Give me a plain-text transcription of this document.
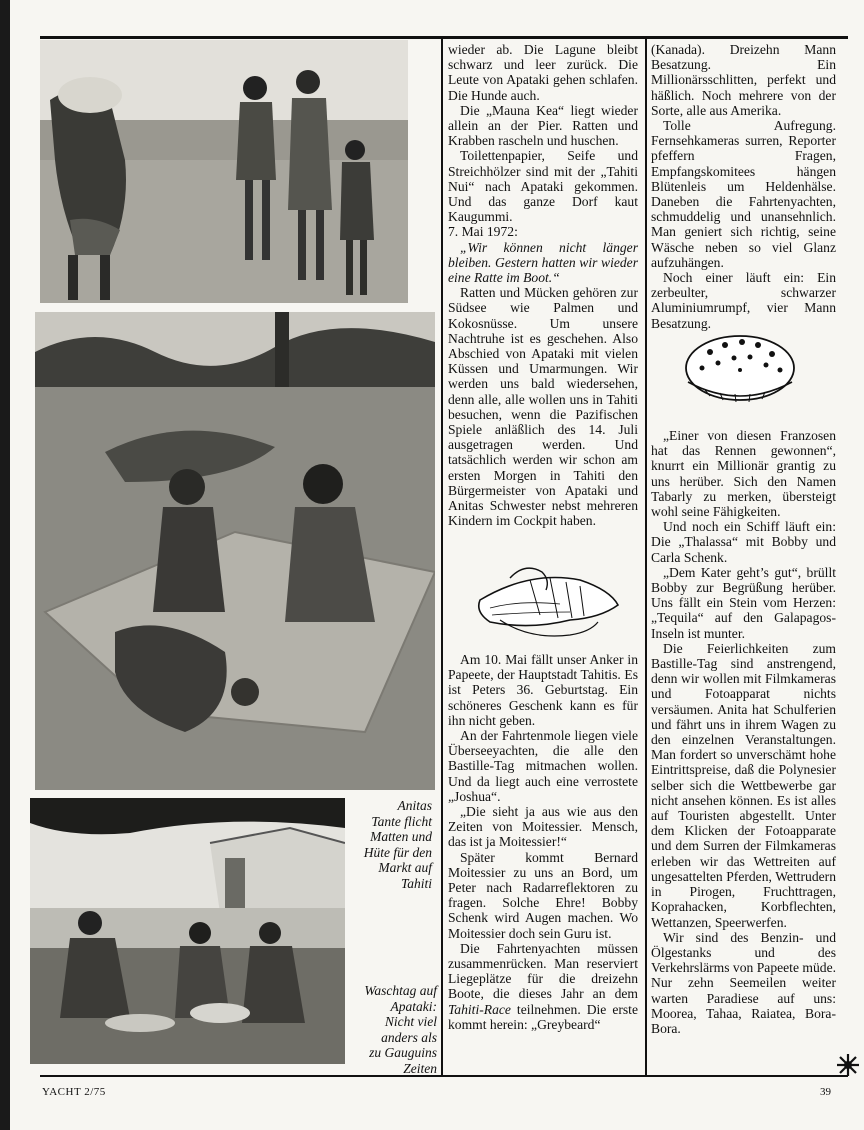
Anitas
Tante flicht
Matten und
Hüte für den
Markt auf
Tahiti
Waschtag auf
Apataki:
Nicht viel
anders als
zu Gauguins
Zeiten

wieder ab. Die Lagune bleibt schwarz und leer zurück. Die Leute von Apataki gehen schlafen. Die Hunde auch.

Die „Mauna Kea“ liegt wieder allein an der Pier. Ratten und Krabben rascheln und huschen.

Toilettenpapier, Seife und Streichhölzer sind mit der „Tahiti Nui“ nach Apataki gekommen. Und das ganze Dorf kaut Kaugummi.

7. Mai 1972:

„Wir können nicht länger bleiben. Gestern hatten wir wieder eine Ratte im Boot.“

Ratten und Mücken gehören zur Südsee wie Palmen und Kokosnüsse. Um unsere Nachtruhe ist es geschehen. Also Abschied von Apataki mit vielen Küssen und Umarmungen. Wir werden uns bald wiedersehen, denn alle, alle wollen uns in Tahiti besuchen, wenn die Pazifischen Spiele anläßlich des 14. Juli ausgetragen werden. Und tatsächlich werden wir schon am ersten Morgen in Tahiti den Bürgermeister von Apataki und Anitas Schwester nebst mehreren Kindern im Cockpit haben.

Am 10. Mai fällt unser Anker in Papeete, der Hauptstadt Tahitis. Es ist Peters 36. Geburtstag. Ein schöneres Geschenk kann es für ihn nicht geben.

An der Fahrtenmole liegen viele Überseeyachten, die alle den Bastille-Tag mitmachen wollen. Und da liegt auch eine verrostete „Joshua“.

„Die sieht ja aus wie aus den Zeiten von Moitessier. Mensch, das ist ja Moitessier!“

Später kommt Bernard Moitessier zu uns an Bord, um Peter nach Radarreflektoren zu fragen. Solche Ehre! Bobby Schenk wird Augen machen. Wo Moitessier doch sein Guru ist.

Die Fahrtenyachten müssen zusammenrücken. Man reserviert Liegeplätze für die dreizehn Boote, die dieses Jahr an dem Tahiti-Race teilnehmen. Die erste kommt herein: „Greybeard“

(Kanada). Dreizehn Mann Besatzung. Ein Millionärsschlitten, perfekt und häßlich. Noch mehrere von der Sorte, alle aus Amerika.

Tolle Aufregung. Fernsehkameras surren, Reporter pfeffern Fragen, Empfangskomitees hängen Blütenleis um Heldenhälse. Daneben die Fahrtenyachten, schmuddelig und unansehnlich. Man geniert sich richtig, seine Wäsche neben so viel Glanz aufzuhängen.

Noch einer läuft ein: Ein zerbeulter, schwarzer Aluminiumrumpf, vier Mann Besatzung.

„Einer von diesen Franzosen hat das Rennen gewonnen“, knurrt ein Millionär grantig zu uns herüber. Sich den Namen Tabarly zu merken, übersteigt wohl seine Fähigkeiten.

Und noch ein Schiff läuft ein: Die „Thalassa“ mit Bobby und Carla Schenk.

„Dem Kater geht’s gut“, brüllt Bobby zur Begrüßung herüber. Uns fällt ein Stein vom Herzen: „Tequila“ auf den Galapagos-Inseln ist munter.

Die Feierlichkeiten zum Bastille-Tag sind anstrengend, denn wir wollen mit Filmkameras und Fotoapparat nichts versäumen. Anita hat Schulferien und fährt uns in ihrem Wagen zu den einzelnen Veranstaltungen. Man fordert so unverschämt hohe Eintrittspreise, daß die Polynesier selber sich die Wettbewerbe gar nicht ansehen können. Es ist alles auf Touristen abgestellt. Unter dem Klicken der Fotoapparate und dem Surren der Filmkameras erleben wir das Wettreiten auf ungesattelten Pferden, Wettrudern in Pirogen, Fruchttragen, Koprahacken, Korbflechten, Wettanzen, Speerwerfen.

Wir sind des Benzin- und Ölgestanks und des Verkehrslärms von Papeete müde. Nur zehn Seemeilen weiter warten Paradiese auf uns: Moorea, Tahaa, Raiatea, Bora-Bora.

YACHT 2/75	39
